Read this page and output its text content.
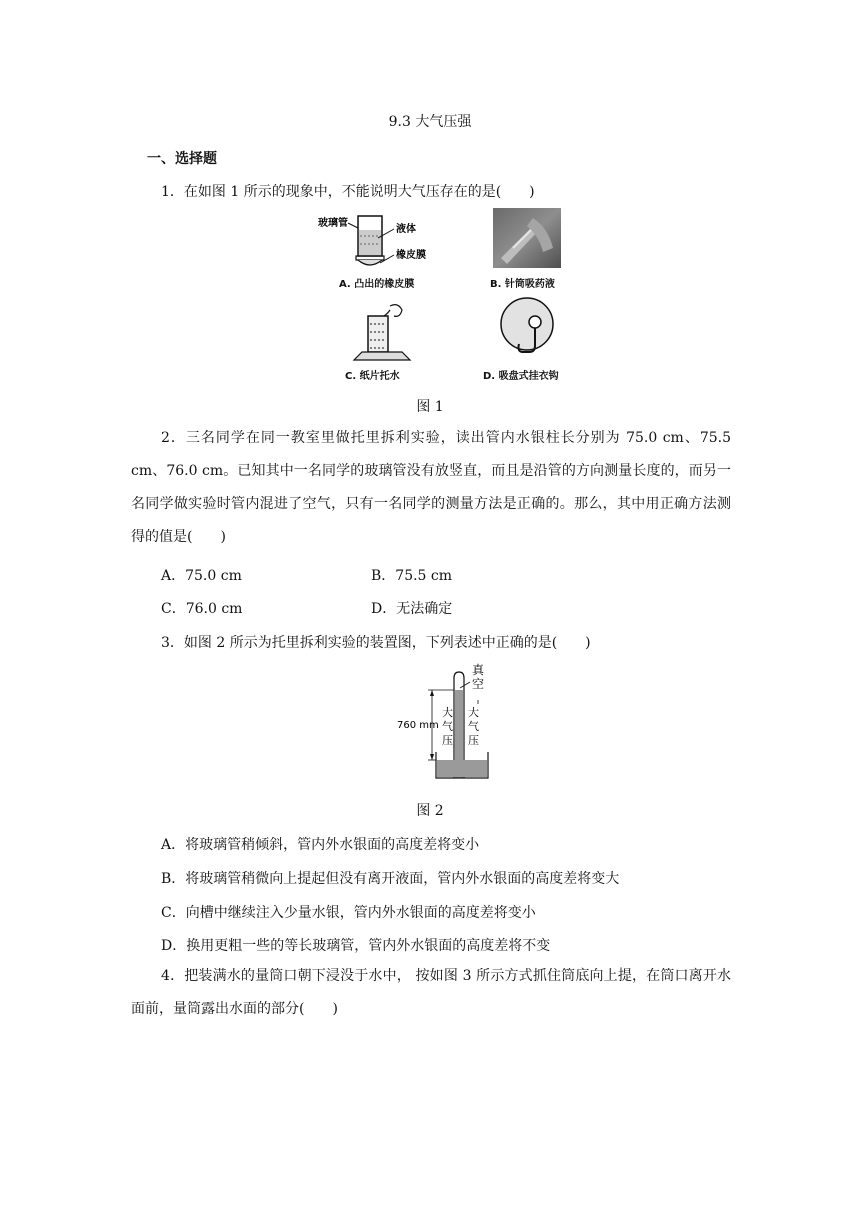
9.3 大气压强
一、选择题
1．在如图 1 所示的现象中，不能说明大气压存在的是(　　)
玻璃管
液体
橡皮膜
A. 凸出的橡皮膜	B. 针筒吸药液
C. 纸片托水	D. 吸盘式挂衣钩
图 1
2．三名同学在同一教室里做托里拆利实验，读出管内水银柱长分别为 75.0 cm、75.5 cm、76.0 cm。已知其中一名同学的玻璃管没有放竖直，而且是沿管的方向测量长度的，而另一名同学做实验时管内混进了空气，只有一名同学的测量方法是正确的。那么，其中用正确方法测得的值是(　　)
A．75.0 cm	B．75.5 cm
C．76.0 cm	D．无法确定
3．如图 2 所示为托里拆利实验的装置图，下列表述中正确的是(　　)
真
空
760 mm
大
气
压
大
气
压
图 2
A．将玻璃管稍倾斜，管内外水银面的高度差将变小
B．将玻璃管稍微向上提起但没有离开液面，管内外水银面的高度差将变大
C．向槽中继续注入少量水银，管内外水银面的高度差将变小
D．换用更粗一些的等长玻璃管，管内外水银面的高度差将不变
4．把装满水的量筒口朝下浸没于水中， 按如图 3 所示方式抓住筒底向上提，在筒口离开水面前，量筒露出水面的部分(　　)
